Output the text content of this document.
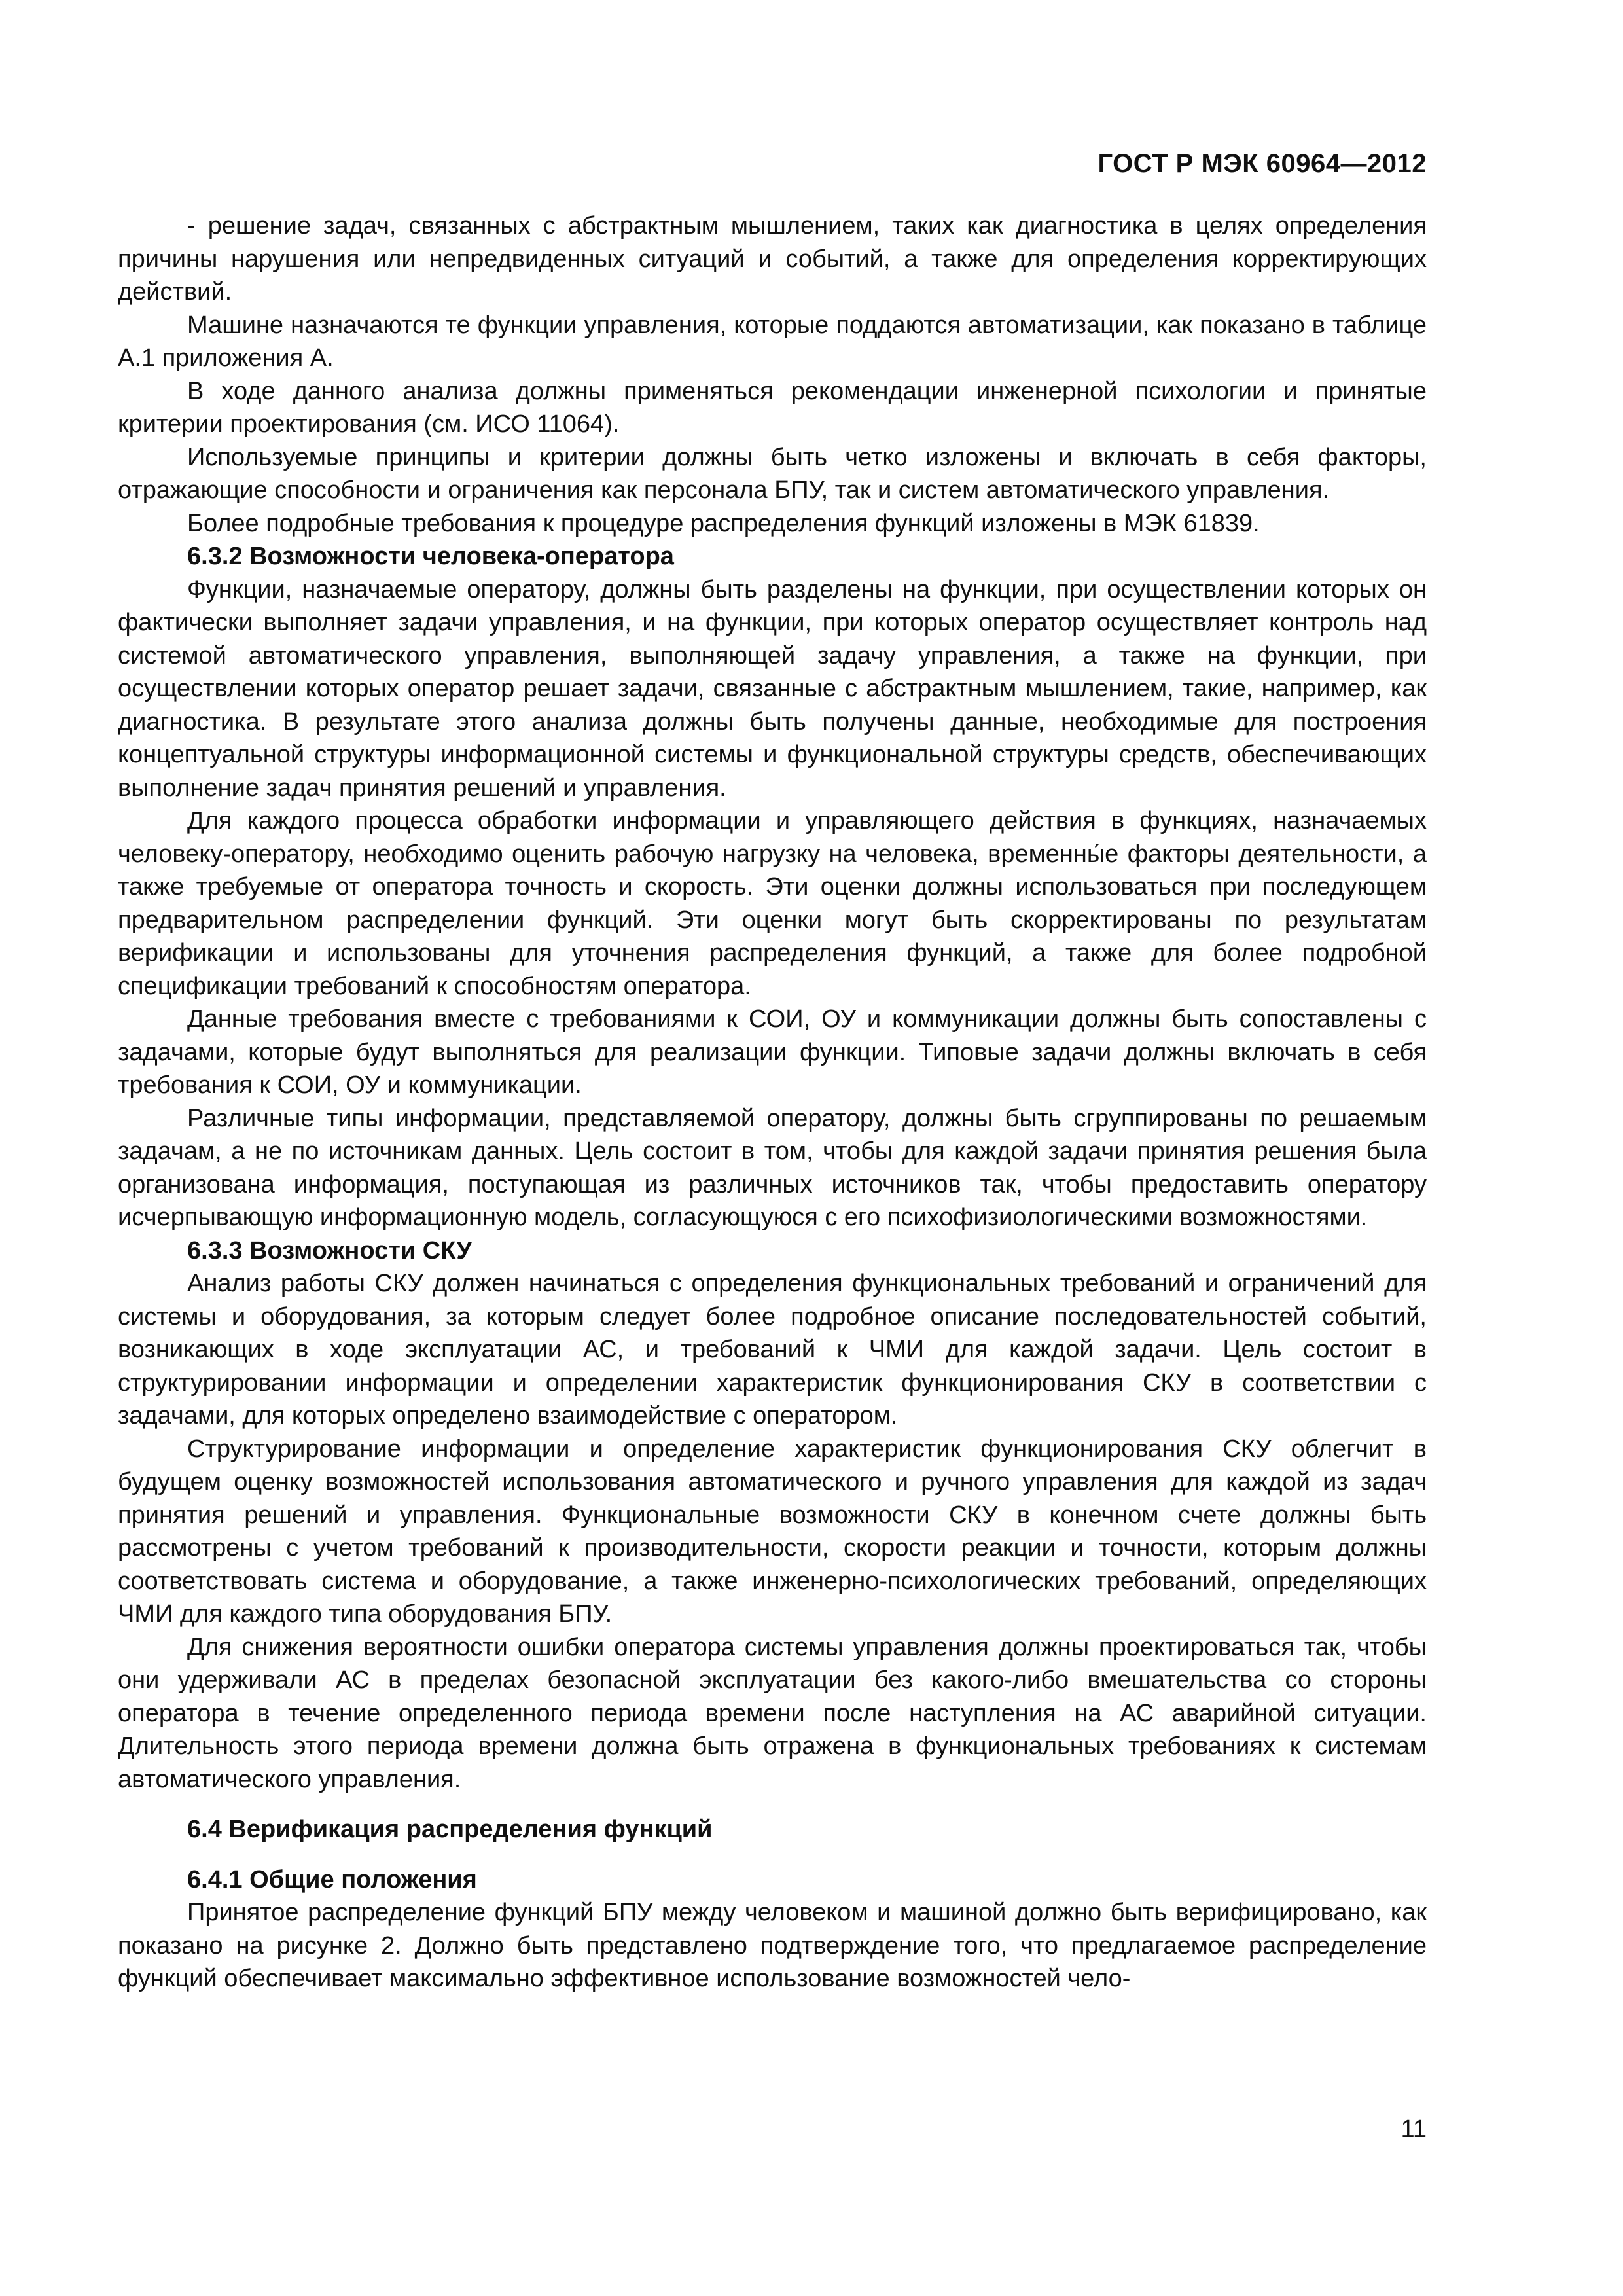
ГОСТ Р МЭК 60964—2012

- решение задач, связанных с абстрактным мышлением, таких как диагностика в целях определения причины нарушения или непредвиденных ситуаций и событий, а также для определения корректирующих действий.

Машине назначаются те функции управления, которые поддаются автоматизации, как показано в таблице А.1 приложения А.

В ходе данного анализа должны применяться рекомендации инженерной психологии и принятые критерии проектирования (см. ИСО 11064).

Используемые принципы и критерии должны быть четко изложены и включать в себя факторы, отражающие способности и ограничения как персонала БПУ, так и систем автоматического управления.

Более подробные требования к процедуре распределения функций изложены в МЭК 61839.

6.3.2 Возможности человека-оператора

Функции, назначаемые оператору, должны быть разделены на функции, при осуществлении которых он фактически выполняет задачи управления, и на функции, при которых оператор осуществляет контроль над системой автоматического управления, выполняющей задачу управления, а также на функции, при осуществлении которых оператор решает задачи, связанные с абстрактным мышлением, такие, например, как диагностика. В результате этого анализа должны быть получены данные, необходимые для построения концептуальной структуры информационной системы и функциональной структуры средств, обеспечивающих выполнение задач принятия решений и управления.

Для каждого процесса обработки информации и управляющего действия в функциях, назначаемых человеку-оператору, необходимо оценить рабочую нагрузку на человека, временны́е факторы деятельности, а также требуемые от оператора точность и скорость. Эти оценки должны использоваться при последующем предварительном распределении функций. Эти оценки могут быть скорректированы по результатам верификации и использованы для уточнения распределения функций, а также для более подробной спецификации требований к способностям оператора.

Данные требования вместе с требованиями к СОИ, ОУ и коммуникации должны быть сопоставлены с задачами, которые будут выполняться для реализации функции. Типовые задачи должны включать в себя требования к СОИ, ОУ и коммуникации.

Различные типы информации, представляемой оператору, должны быть сгруппированы по решаемым задачам, а не по источникам данных. Цель состоит в том, чтобы для каждой задачи принятия решения была организована информация, поступающая из различных источников так, чтобы предоставить оператору исчерпывающую информационную модель, согласующуюся с его психофизиологическими возможностями.

6.3.3 Возможности СКУ

Анализ работы СКУ должен начинаться с определения функциональных требований и ограничений для системы и оборудования, за которым следует более подробное описание последовательностей событий, возникающих в ходе эксплуатации АС, и требований к ЧМИ для каждой задачи. Цель состоит в структурировании информации и определении характеристик функционирования СКУ в соответствии с задачами, для которых определено взаимодействие с оператором.

Структурирование информации и определение характеристик функционирования СКУ облегчит в будущем оценку возможностей использования автоматического и ручного управления для каждой из задач принятия решений и управления. Функциональные возможности СКУ в конечном счете должны быть рассмотрены с учетом требований к производительности, скорости реакции и точности, которым должны соответствовать система и оборудование, а также инженерно-психологических требований, определяющих ЧМИ для каждого типа оборудования БПУ.

Для снижения вероятности ошибки оператора системы управления должны проектироваться так, чтобы они удерживали АС в пределах безопасной эксплуатации без какого-либо вмешательства со стороны оператора в течение определенного периода времени после наступления на АС аварийной ситуации. Длительность этого периода времени должна быть отражена в функциональных требованиях к системам автоматического управления.

6.4 Верификация распределения функций
6.4.1 Общие положения

Принятое распределение функций БПУ между человеком и машиной должно быть верифицировано, как показано на рисунке 2. Должно быть представлено подтверждение того, что предлагаемое распределение функций обеспечивает максимально эффективное использование возможностей чело-

11
